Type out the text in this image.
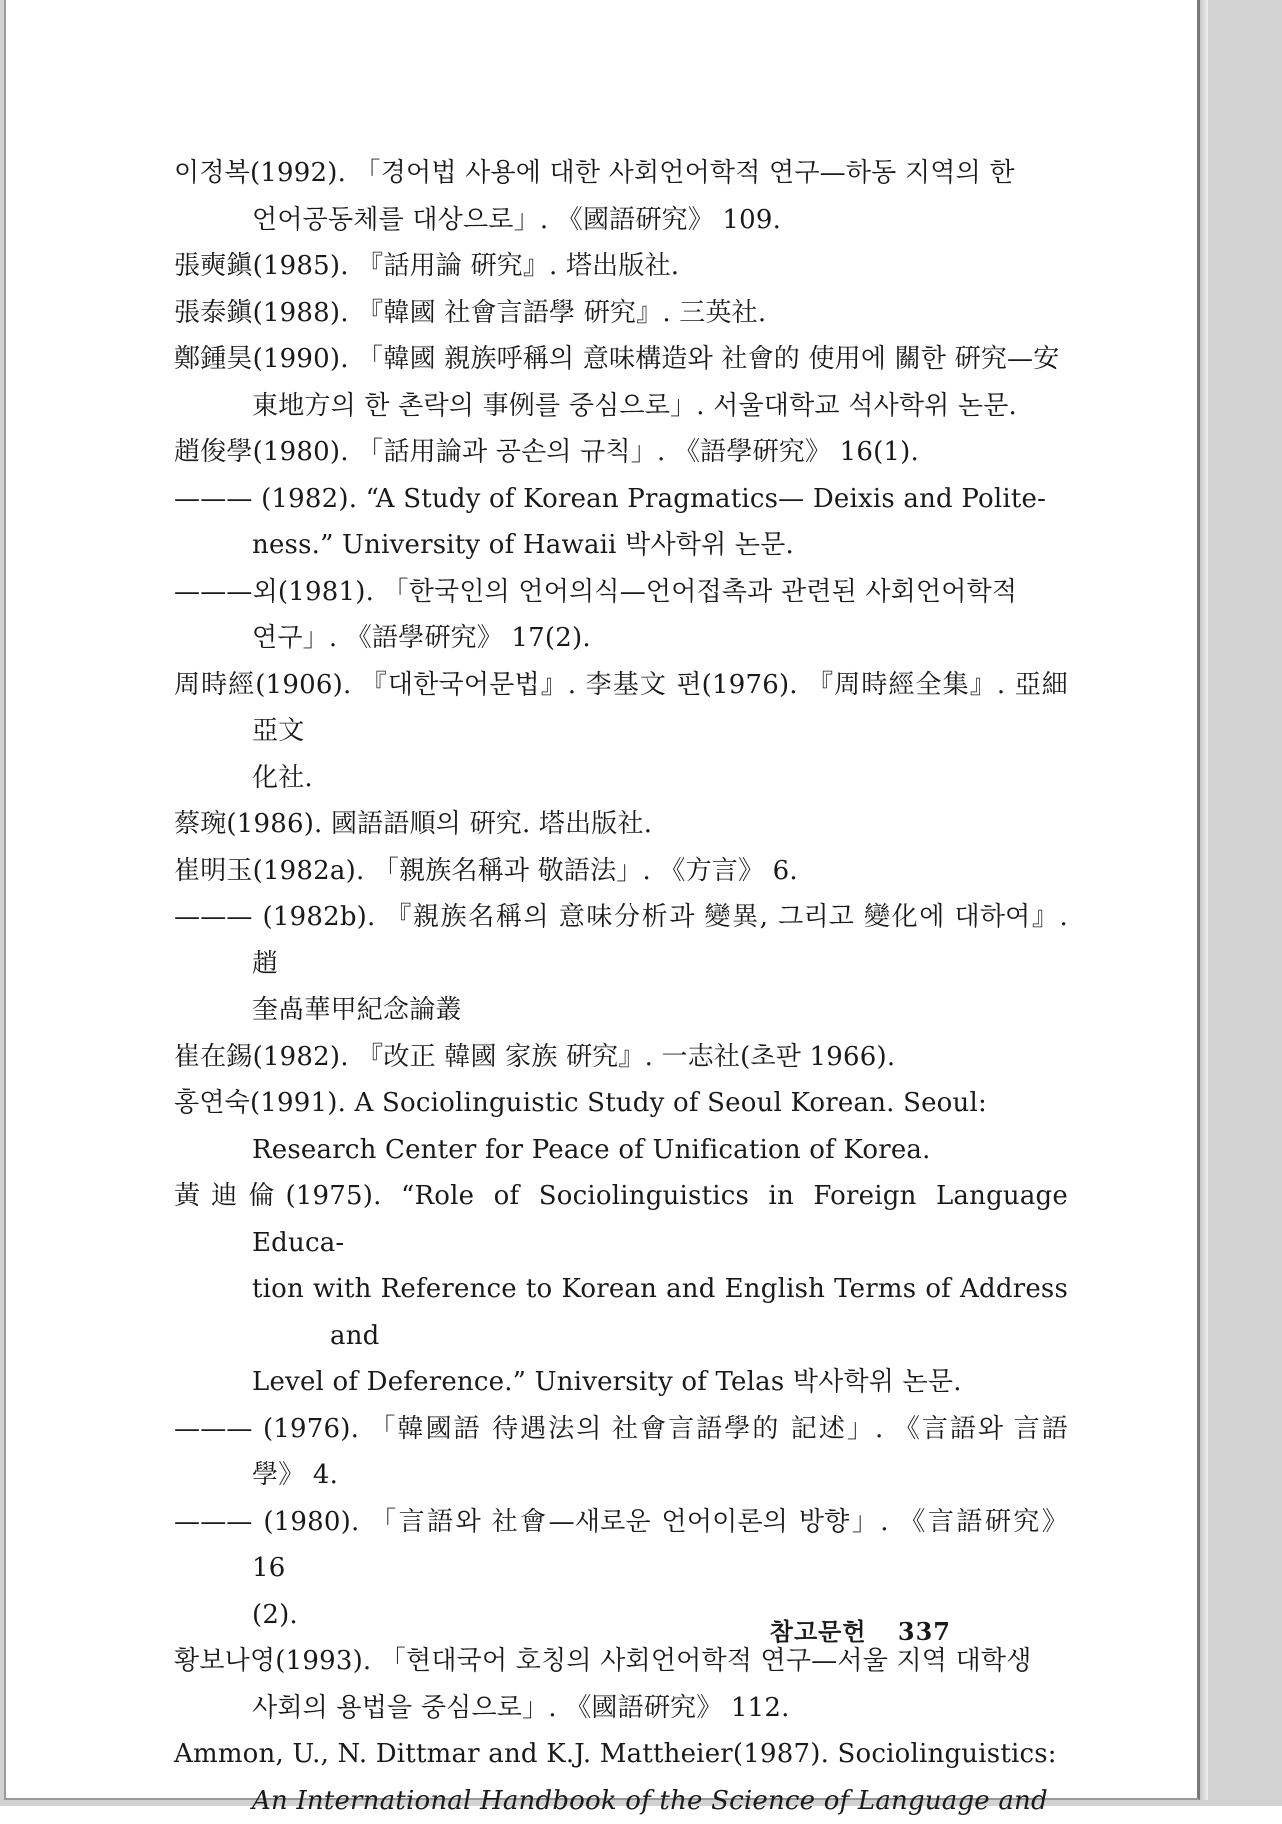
이정복(1992). 「경어법 사용에 대한 사회언어학적 연구—하동 지역의 한
언어공동체를 대상으로」. 《國語硏究》 109.

張奭鎭(1985). 『話用論 硏究』. 塔出版社.

張泰鎭(1988). 『韓國 社會言語學 硏究』. 三英社.

鄭鍾昊(1990). 「韓國 親族呼稱의 意味構造와 社會的 使用에 關한 硏究—安
東地方의 한 촌락의 事例를 중심으로」. 서울대학교 석사학위 논문.

趙俊學(1980). 「話用論과 공손의 규칙」. 《語學硏究》 16(1).

——— (1982). “A Study of Korean Pragmatics— Deixis and Polite-
ness.” University of Hawaii 박사학위 논문.

———외(1981). 「한국인의 언어의식—언어접촉과 관련된 사회언어학적
연구」. 《語學硏究》 17(2).

周時經(1906). 『대한국어문법』. 李基文 편(1976). 『周時經全集』. 亞細亞文
化社.

蔡琬(1986). 國語語順의 硏究. 塔出版社.

崔明玉(1982a). 「親族名稱과 敬語法」. 《方言》 6.

——— (1982b). 『親族名稱의 意味分析과 變異, 그리고 變化에 대하여』. 趙
奎卨華甲紀念論叢

崔在錫(1982). 『改正 韓國 家族 硏究』. 一志社(초판 1966).

홍연숙(1991). A Sociolinguistic Study of Seoul Korean. Seoul:
Research Center for Peace of Unification of Korea.

黃迪倫(1975). “Role of Sociolinguistics in Foreign Language Educa-
tion with Reference to Korean and English Terms of Address and
Level of Deference.” University of Telas 박사학위 논문.

——— (1976). 「韓國語 待遇法의 社會言語學的 記述」. 《言語와 言語學》 4.

——— (1980). 「言語와 社會—새로운 언어이론의 방향」. 《言語硏究》 16
(2).

황보나영(1993). 「현대국어 호칭의 사회언어학적 연구—서울 지역 대학생
사회의 용법을 중심으로」. 《國語硏究》 112.

Ammon, U., N. Dittmar and K.J. Mattheier(1987). Sociolinguistics:
An International Handbook of the Science of Language and

참고문헌 337
